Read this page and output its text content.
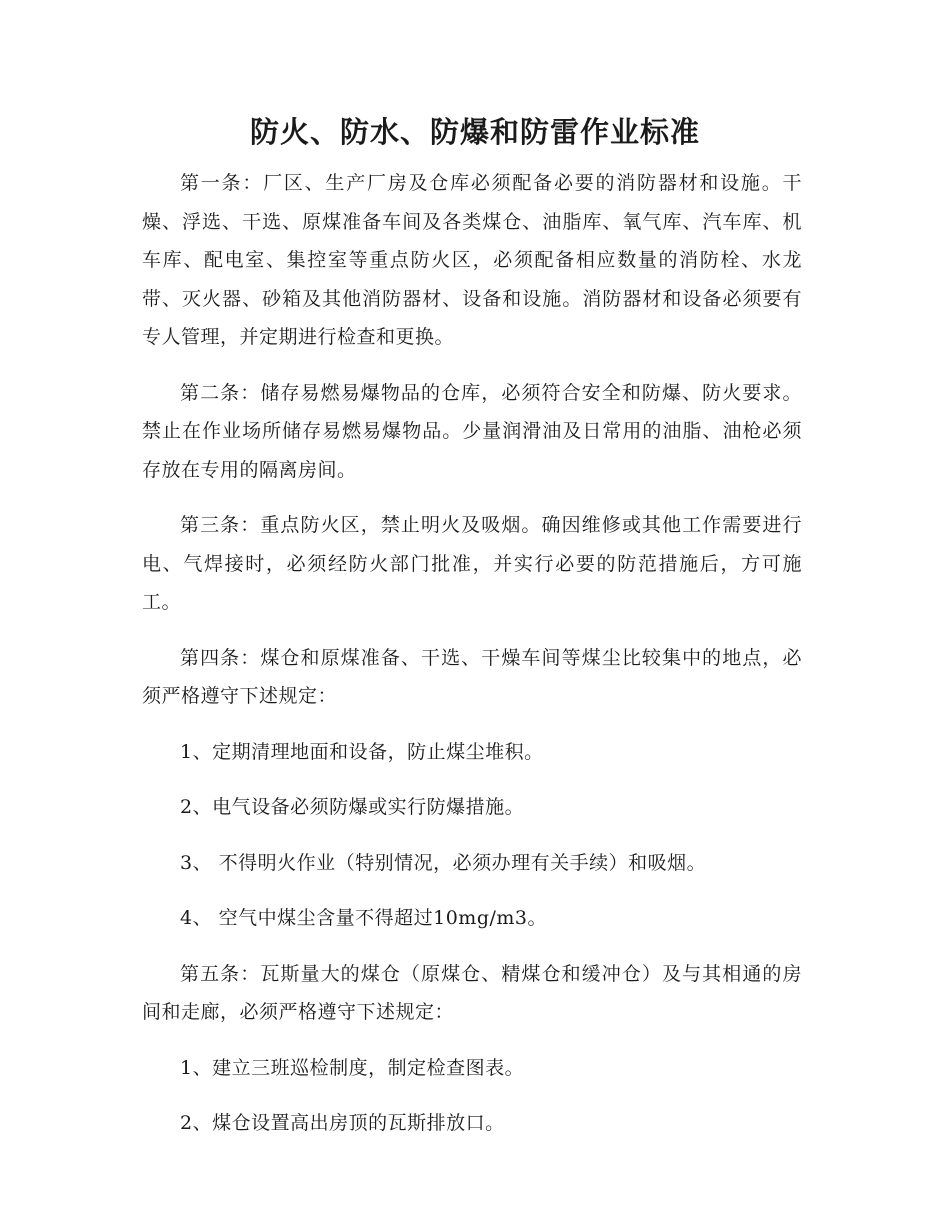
防火、防水、防爆和防雷作业标准

第一条：厂区、生产厂房及仓库必须配备必要的消防器材和设施。干燥、浮选、干选、原煤准备车间及各类煤仓、油脂库、氧气库、汽车库、机车库、配电室、集控室等重点防火区，必须配备相应数量的消防栓、水龙带、灭火器、砂箱及其他消防器材、设备和设施。消防器材和设备必须要有专人管理，并定期进行检查和更换。

第二条：储存易燃易爆物品的仓库，必须符合安全和防爆、防火要求。禁止在作业场所储存易燃易爆物品。少量润滑油及日常用的油脂、油枪必须存放在专用的隔离房间。

第三条：重点防火区，禁止明火及吸烟。确因维修或其他工作需要进行电、气焊接时，必须经防火部门批准，并实行必要的防范措施后，方可施工。

第四条：煤仓和原煤准备、干选、干燥车间等煤尘比较集中的地点，必须严格遵守下述规定：

1、定期清理地面和设备，防止煤尘堆积。

2、电气设备必须防爆或实行防爆措施。

3、 不得明火作业（特别情况，必须办理有关手续）和吸烟。

4、 空气中煤尘含量不得超过10mg/m3。

第五条：瓦斯量大的煤仓（原煤仓、精煤仓和缓冲仓）及与其相通的房间和走廊，必须严格遵守下述规定：

1、建立三班巡检制度，制定检查图表。

2、煤仓设置高出房顶的瓦斯排放口。
